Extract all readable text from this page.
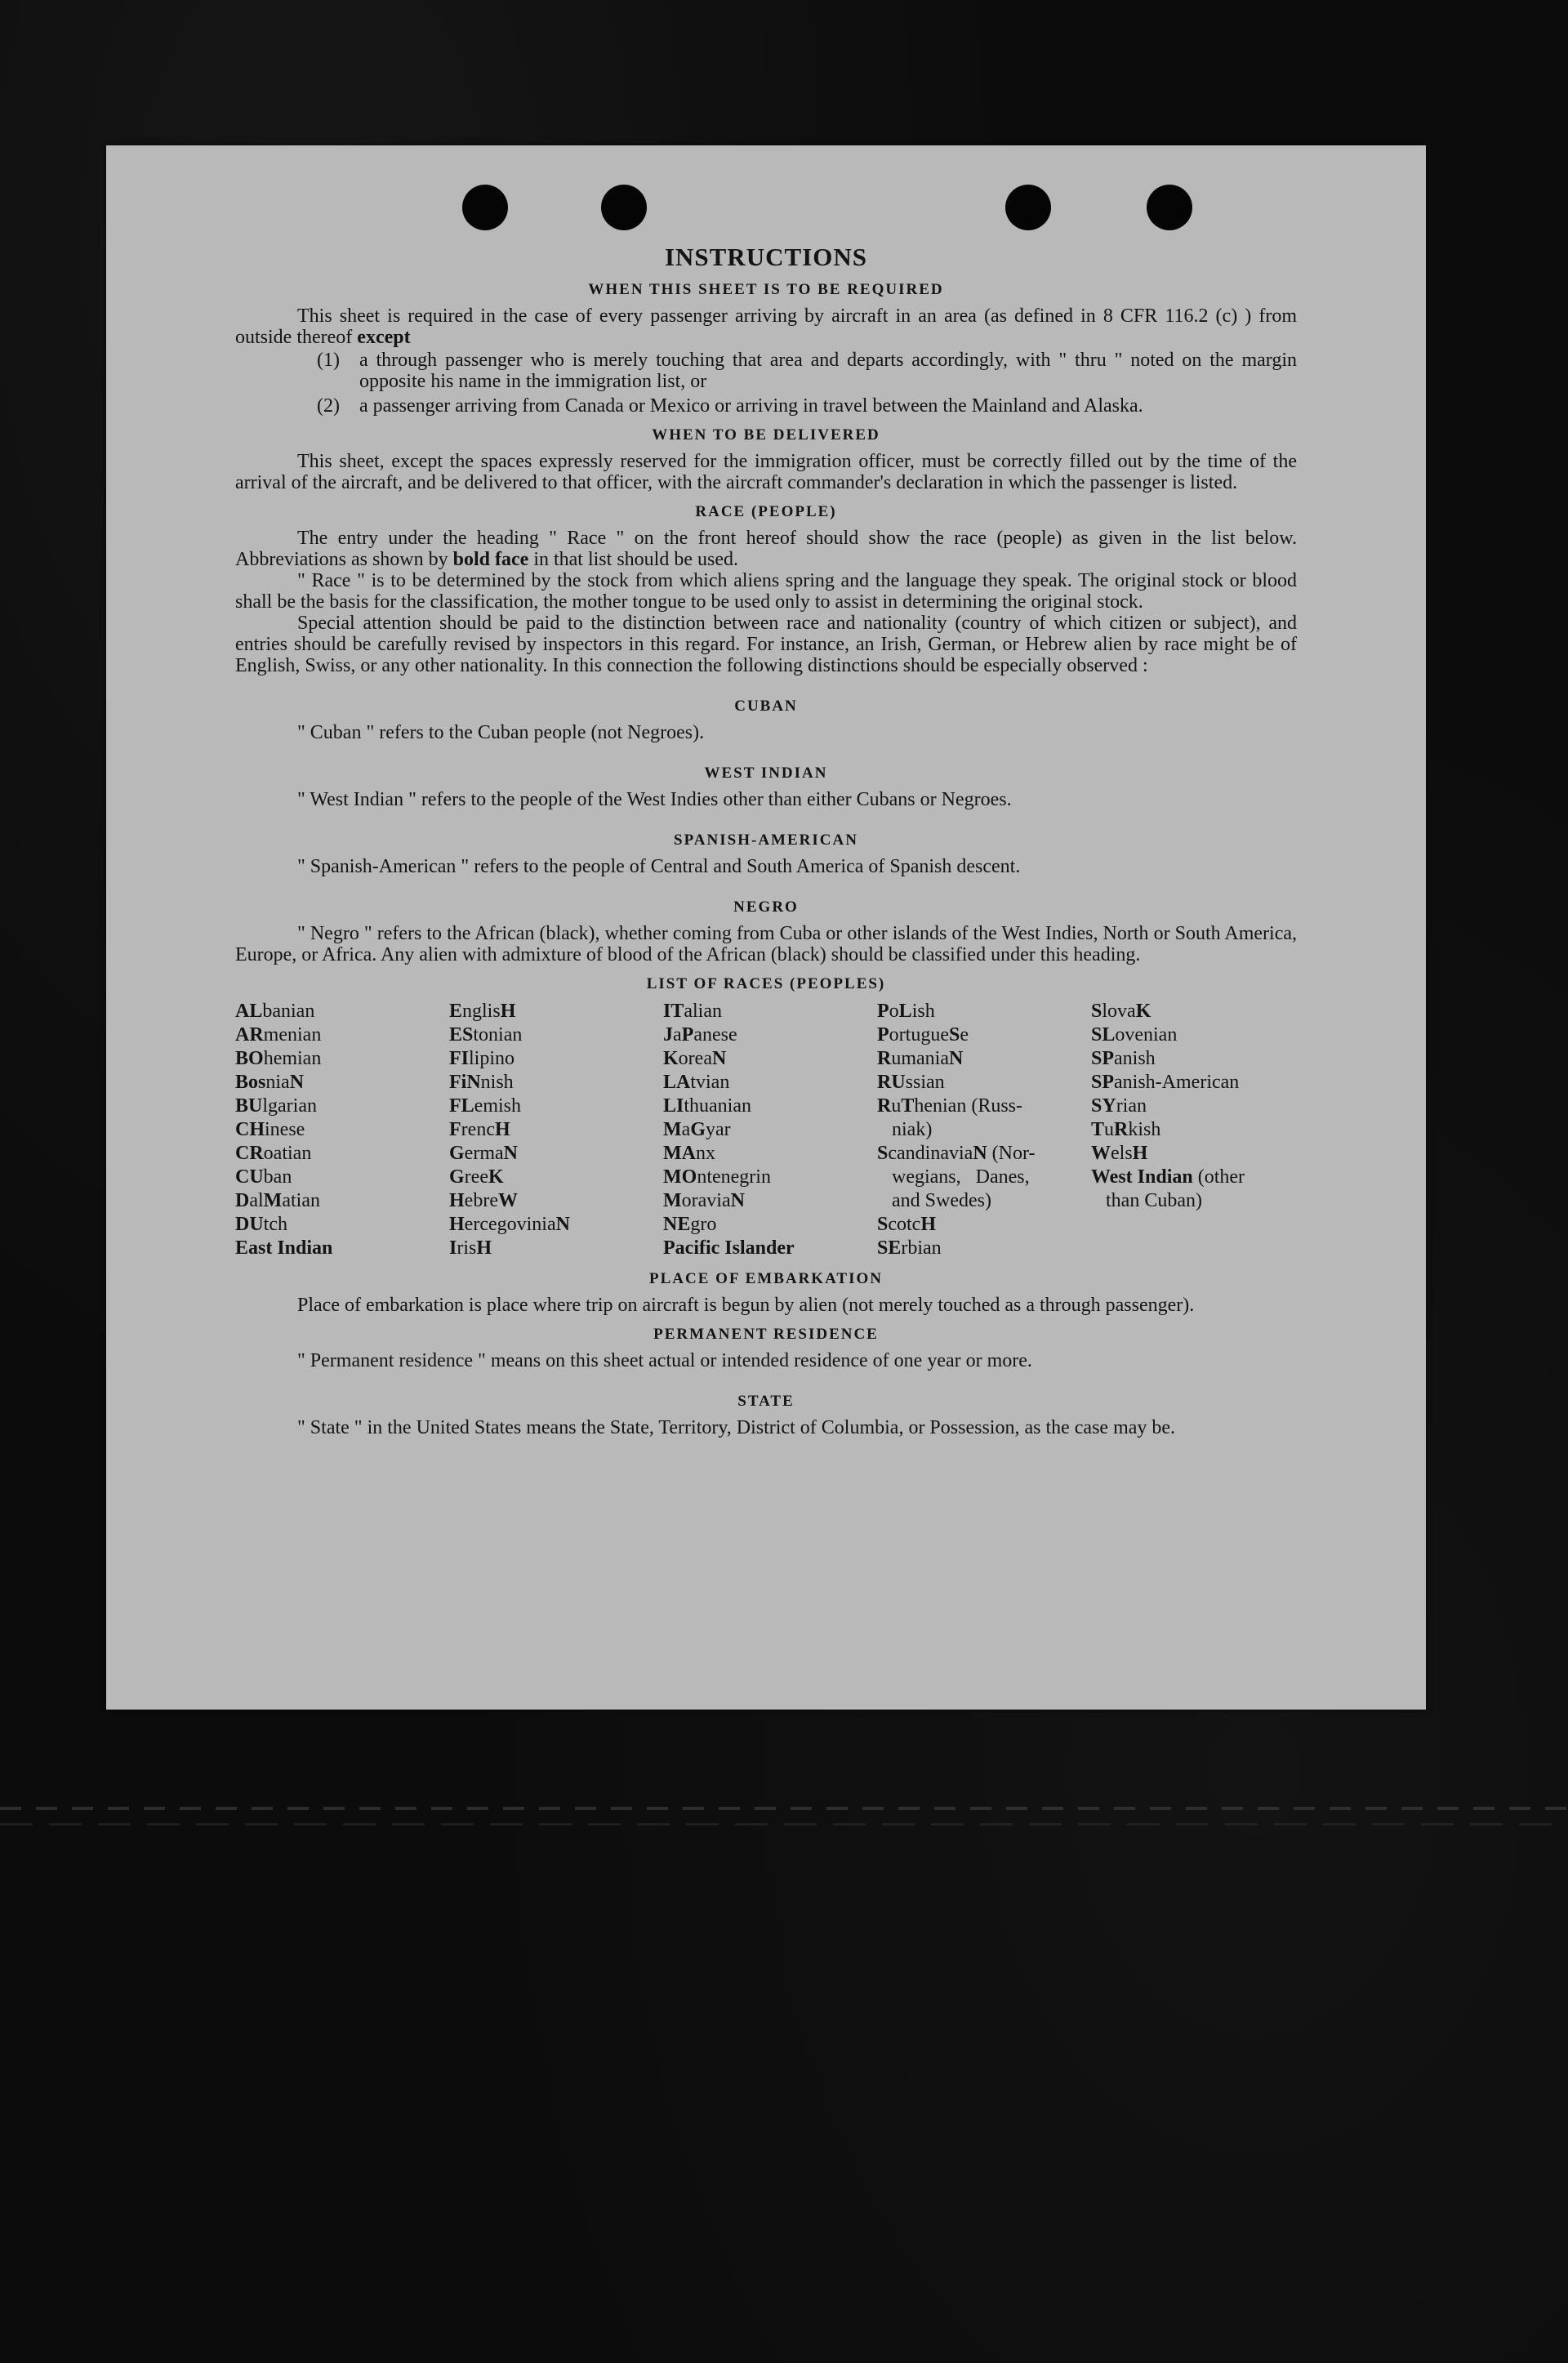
INSTRUCTIONS
WHEN THIS SHEET IS TO BE REQUIRED

This sheet is required in the case of every passenger arriving by aircraft in an area (as defined in 8 CFR 116.2 (c) ) from outside thereof except

(1)	a through passenger who is merely touching that area and departs accordingly, with " thru " noted on the margin opposite his name in the immigration list, or
(2)	a passenger arriving from Canada or Mexico or arriving in travel between the Mainland and Alaska.
WHEN TO BE DELIVERED

This sheet, except the spaces expressly reserved for the immigration officer, must be correctly filled out by the time of the arrival of the aircraft, and be delivered to that officer, with the aircraft commander's declaration in which the passenger is listed.

RACE (PEOPLE)

The entry under the heading " Race " on the front hereof should show the race (people) as given in the list below. Abbreviations as shown by bold face in that list should be used.

" Race " is to be determined by the stock from which aliens spring and the language they speak. The original stock or blood shall be the basis for the classification, the mother tongue to be used only to assist in determining the original stock.

Special attention should be paid to the distinction between race and nationality (country of which citizen or subject), and entries should be carefully revised by inspectors in this regard. For instance, an Irish, German, or Hebrew alien by race might be of English, Swiss, or any other nationality. In this connection the following distinctions should be especially observed :

CUBAN

" Cuban " refers to the Cuban people (not Negroes).

WEST INDIAN

" West Indian " refers to the people of the West Indies other than either Cubans or Negroes.

SPANISH-AMERICAN

" Spanish-American " refers to the people of Central and South America of Spanish descent.

NEGRO

" Negro " refers to the African (black), whether coming from Cuba or other islands of the West Indies, North or South America, Europe, or Africa. Any alien with admixture of blood of the African (black) should be classified under this heading.

LIST OF RACES (PEOPLES)
ALbanian
ARmenian
BOhemian
BosniaN
BUlgarian
CHinese
CRoatian
CUban
DalMatian
DUtch
East Indian
EnglisH
EStonian
FIlipino
FiNnish
FLemish
FrencH
GermaN
GreeK
HebreW
HercegoviniaN
IrisH
ITalian
JaPanese
KoreaN
LAtvian
LIthuanian
MaGyar
MAnx
MOntenegrin
MoraviaN
NEgro
Pacific Islander
PoLish
PortugueSe
RumaniaN
RUssian
RuThenian (Russ-
niak)
ScandinaviaN (Nor-
wegians,   Danes,
and Swedes)
ScotcH
SErbian
SlovaK
SLovenian
SPanish
SPanish-American
SYrian
TuRkish
WelsH
West Indian (other
than Cuban)
PLACE OF EMBARKATION

Place of embarkation is place where trip on aircraft is begun by alien (not merely touched as a through passenger).

PERMANENT RESIDENCE

" Permanent residence " means on this sheet actual or intended residence of one year or more.

STATE

" State " in the United States means the State, Territory, District of Columbia, or Possession, as the case may be.
